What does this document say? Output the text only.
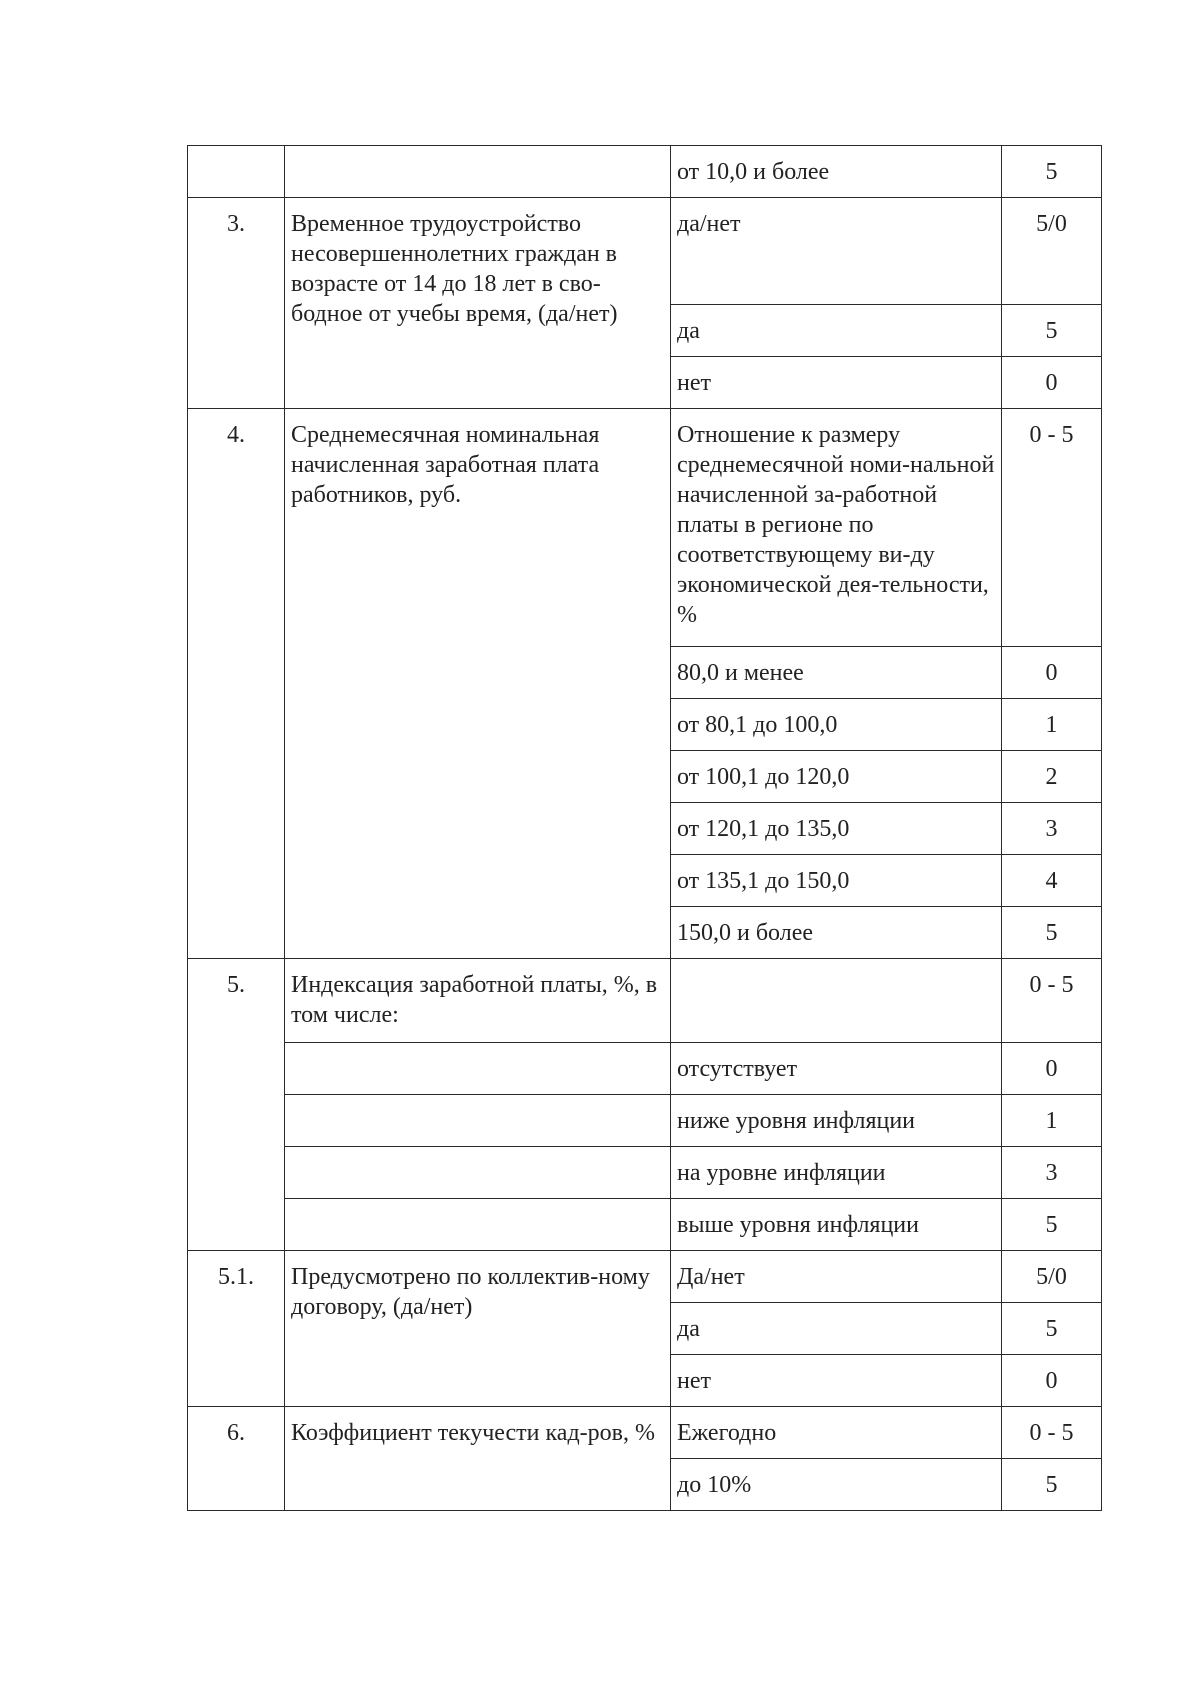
		от 10,0 и более	5
3.	Временное трудоустройство несовершеннолетних граждан в возрасте от 14 до 18 лет в сво-бодное от учебы время, (да/нет)	да/нет	5/0
		да	5
		нет	0
4.	Среднемесячная номинальная начисленная заработная плата работников, руб.	Отношение к размеру среднемесячной номи-нальной начисленной за-работной платы в регионе по соответствующему ви-ду экономической дея-тельности, %	0 - 5
		80,0 и менее	0
		от 80,1 до 100,0	1
		от 100,1 до 120,0	2
		от 120,1 до 135,0	3
		от 135,1 до 150,0	4
		150,0 и более	5
5.	Индексация заработной платы, %, в том числе:		0 - 5
		отсутствует	0
		ниже уровня инфляции	1
		на уровне инфляции	3
		выше уровня инфляции	5
5.1.	Предусмотрено по коллектив-ному договору, (да/нет)	Да/нет	5/0
		да	5
		нет	0
6.	Коэффициент текучести кад-ров, %	Ежегодно	0 - 5
		до 10%	5
